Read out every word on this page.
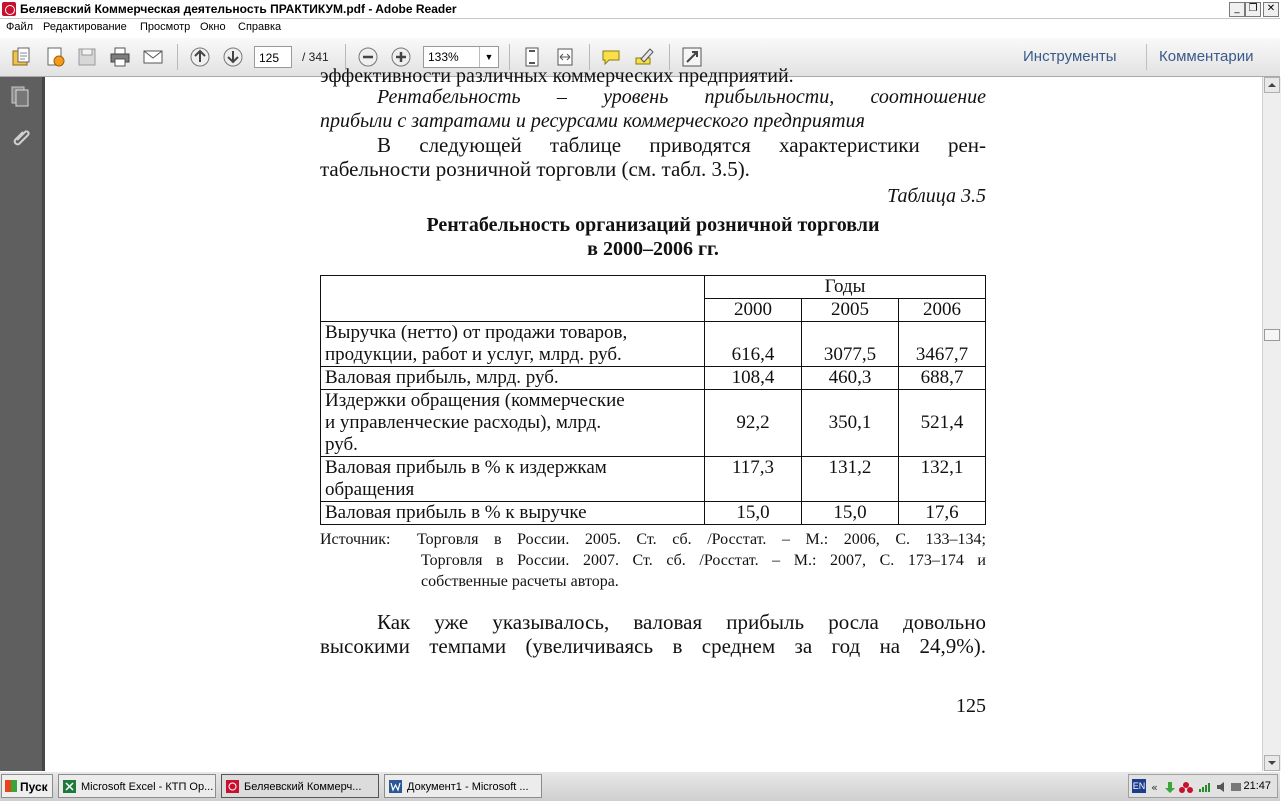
Беляевский Коммерческая деятельность ПРАКТИКУМ.pdf - Adobe Reader	_ ❐ ✕
Файл Редактирование Просмотр Окно Справка
125	/ 341	133%	▼	Инструменты	Комментарии
эффективности различных коммерческих предприятий.
Рентабельность – уровень прибыльности, соотношение
прибыли с затратами и ресурсами коммерческого предприятия
В следующей таблице приводятся характеристики рен-
табельности розничной торговли (см. табл. 3.5).
Таблица 3.5
Рентабельность организаций розничной торговли
в 2000–2006 гг.
	Годы		
	2000	2005	2006

Выручка (нетто) от продажи товаров,
продукции, работ и услуг, млрд. руб.	616,4	3077,5	3467,7
Валовая прибыль, млрд. руб.	108,4	460,3	688,7

Издержки обращения (коммерческие
и управленческие расходы), млрд.
руб.	92,2	350,1	521,4

Валовая прибыль в % к издержкам
обращения	117,3	131,2	132,1
Валовая прибыль в % к выручке	15,0	15,0	17,6
Источник: Торговля в России. 2005. Ст. сб. /Росстат. – М.: 2006, С. 133–134;
Торговля в России. 2007. Ст. сб. /Росстат. – М.: 2007, С. 173–174 и
собственные расчеты автора.
Как уже указывалось, валовая прибыль росла довольно
высокими темпами (увеличиваясь в среднем за год на 24,9%).
125
Пуск	Microsoft Excel - КТП Ор...	Беляевский Коммерч...	Документ1 - Microsoft ...	EN «	21:47
